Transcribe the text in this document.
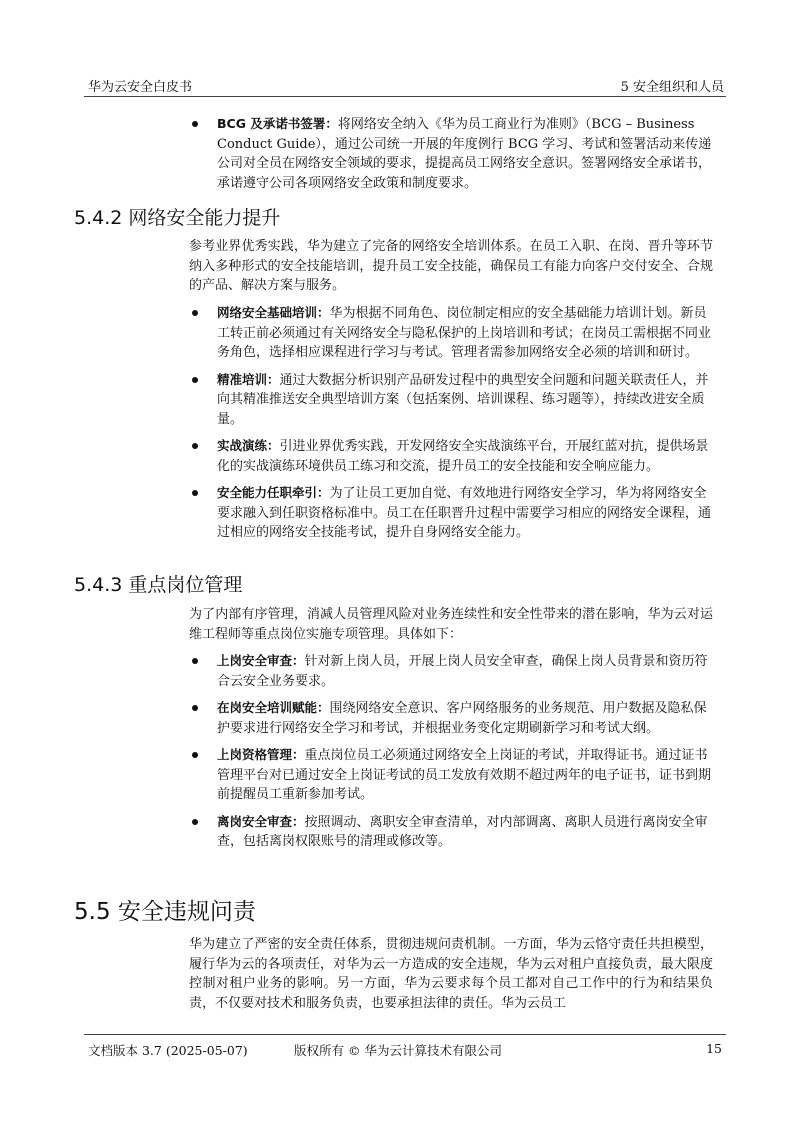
华为云安全白皮书	5 安全组织和人员
BCG 及承诺书签署：将网络安全纳入《华为员工商业行为准则》（BCG – Business Conduct Guide），通过公司统一开展的年度例行 BCG 学习、考试和签署活动来传递公司对全员在网络安全领域的要求，提提高员工网络安全意识。签署网络安全承诺书，承诺遵守公司各项网络安全政策和制度要求。
5.4.2 网络安全能力提升

参考业界优秀实践，华为建立了完备的网络安全培训体系。在员工入职、在岗、晋升等环节纳入多种形式的安全技能培训，提升员工安全技能，确保员工有能力向客户交付安全、合规的产品、解决方案与服务。

网络安全基础培训：华为根据不同角色、岗位制定相应的安全基础能力培训计划。新员工转正前必须通过有关网络安全与隐私保护的上岗培训和考试；在岗员工需根据不同业务角色，选择相应课程进行学习与考试。管理者需参加网络安全必须的培训和研讨。
精准培训：通过大数据分析识别产品研发过程中的典型安全问题和问题关联责任人，并向其精准推送安全典型培训方案（包括案例、培训课程、练习题等），持续改进安全质量。
实战演练：引进业界优秀实践，开发网络安全实战演练平台，开展红蓝对抗，提供场景化的实战演练环境供员工练习和交流，提升员工的安全技能和安全响应能力。
安全能力任职牵引：为了让员工更加自觉、有效地进行网络安全学习，华为将网络安全要求融入到任职资格标准中。员工在任职晋升过程中需要学习相应的网络安全课程，通过相应的网络安全技能考试，提升自身网络安全能力。
5.4.3 重点岗位管理

为了内部有序管理，消减人员管理风险对业务连续性和安全性带来的潜在影响，华为云对运维工程师等重点岗位实施专项管理。具体如下：

上岗安全审查：针对新上岗人员，开展上岗人员安全审查，确保上岗人员背景和资历符合云安全业务要求。
在岗安全培训赋能：围绕网络安全意识、客户网络服务的业务规范、用户数据及隐私保护要求进行网络安全学习和考试，并根据业务变化定期刷新学习和考试大纲。
上岗资格管理：重点岗位员工必须通过网络安全上岗证的考试，并取得证书。通过证书管理平台对已通过安全上岗证考试的员工发放有效期不超过两年的电子证书，证书到期前提醒员工重新参加考试。
离岗安全审查：按照调动、离职安全审查清单，对内部调离、离职人员进行离岗安全审查，包括离岗权限账号的清理或修改等。
5.5 安全违规问责

华为建立了严密的安全责任体系，贯彻违规问责机制。一方面，华为云恪守责任共担模型，履行华为云的各项责任，对华为云一方造成的安全违规，华为云对租户直接负责，最大限度控制对租户业务的影响。另一方面，华为云要求每个员工都对自己工作中的行为和结果负责，不仅要对技术和服务负责，也要承担法律的责任。华为云员工

文档版本 3.7 (2025-05-07)	版权所有 © 华为云计算技术有限公司	15
